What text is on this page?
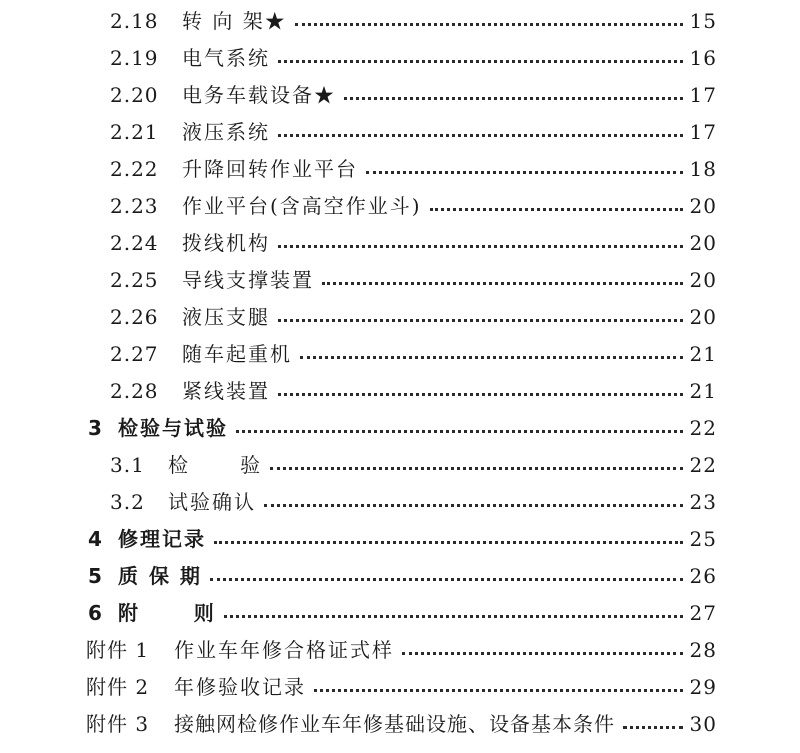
2.18	转 向 架★	15
2.19	电气系统	16
2.20	电务车载设备★	17
2.21	液压系统	17
2.22	升降回转作业平台	18
2.23	作业平台(含高空作业斗)	20
2.24	拨线机构	20
2.25	导线支撑装置	20
2.26	液压支腿	20
2.27	随车起重机	21
2.28	紧线装置	21
3 检验与试验	22
3.1	检      验	22
3.2	试验确认	23
4 修理记录	25
5 质 保 期	26
6 附      则	27
附件 1	作业车年修合格证式样	28
附件 2	年修验收记录	29
附件 3	接触网检修作业车年修基础设施、设备基本条件	30
